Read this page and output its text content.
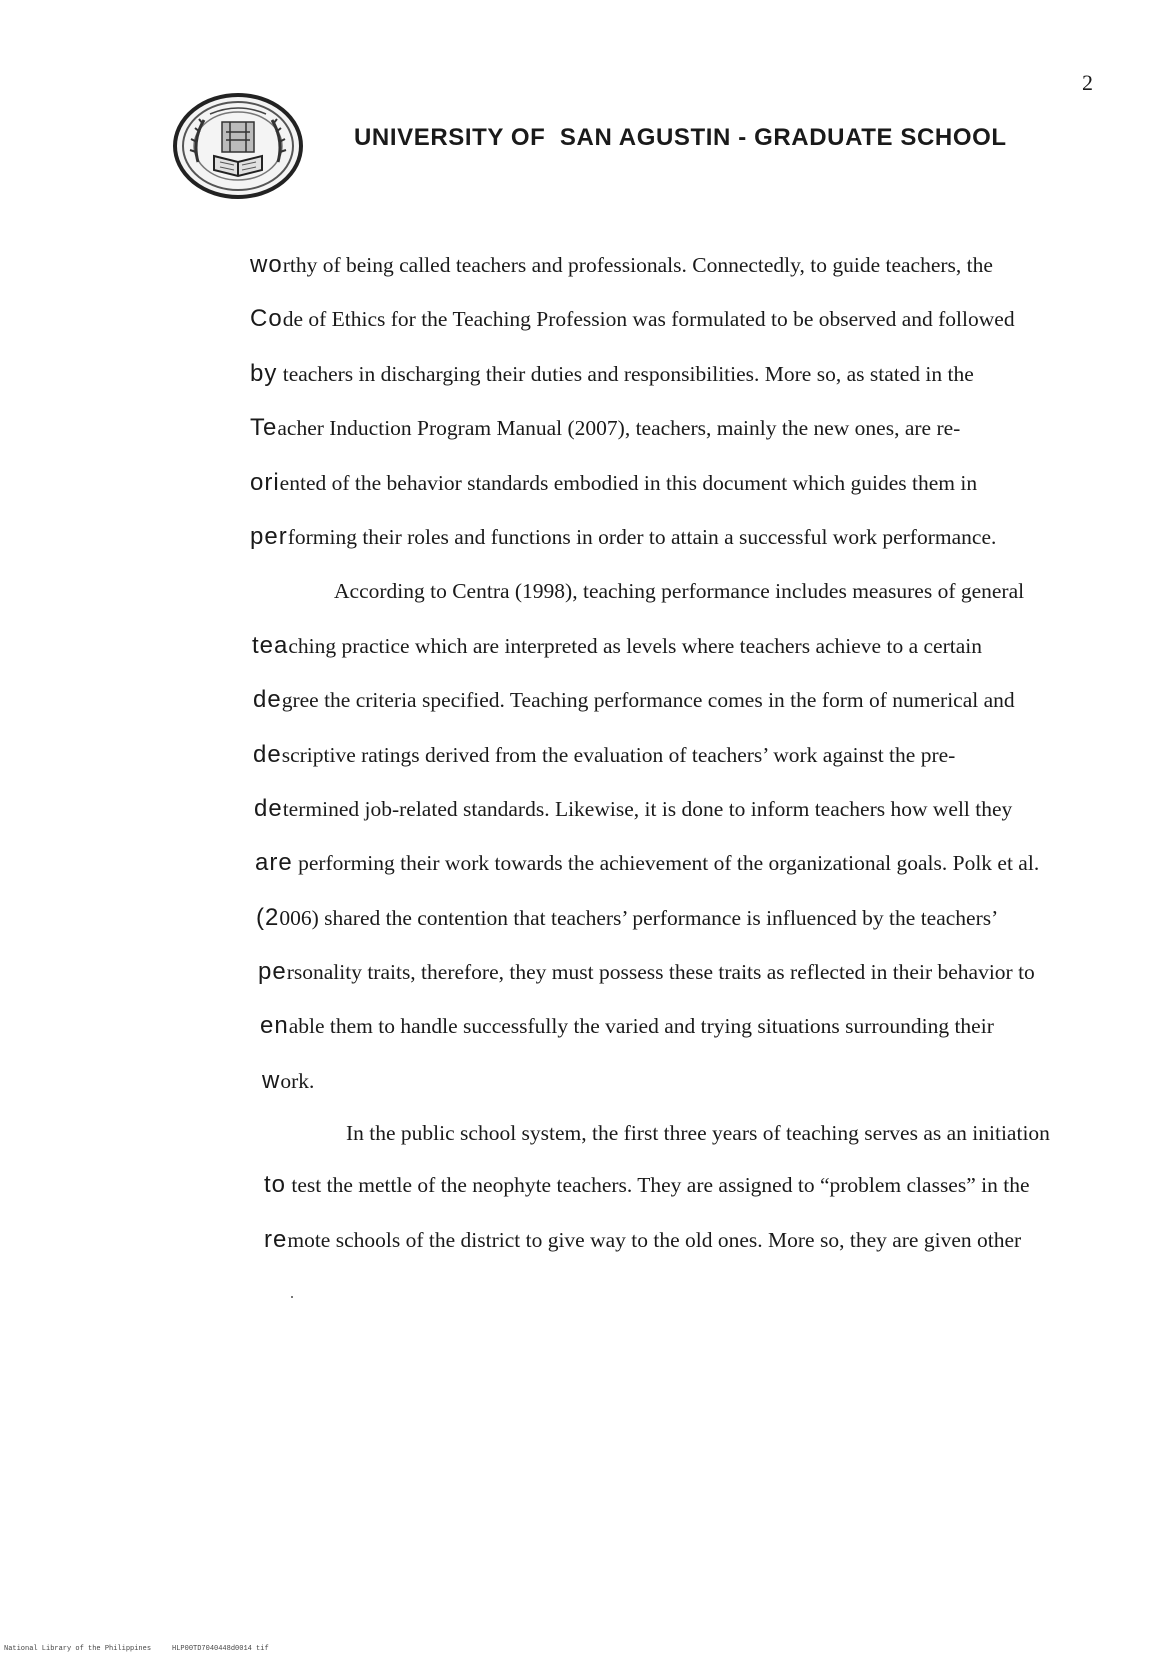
2
UNIVERSITY OF  SAN AGUSTIN - GRADUATE SCHOOL
worthy of being called teachers and professionals. Connectedly, to guide teachers, the
Code of Ethics for the Teaching Profession was formulated to be observed and followed
by teachers in discharging their duties and responsibilities. More so, as stated in the
Teacher Induction Program Manual (2007), teachers, mainly the new ones, are re-
oriented of the behavior standards embodied in this document which guides them in
performing their roles and functions in order to attain a successful work performance.
According to Centra (1998), teaching performance includes measures of general
teaching practice which are interpreted as levels where teachers achieve to a certain
degree the criteria specified. Teaching performance comes in the form of numerical and
descriptive ratings derived from the evaluation of teachers’ work against the pre-
determined job-related standards. Likewise, it is done to inform teachers how well they
are performing their work towards the achievement of the organizational goals. Polk et al.
(2006) shared the contention that teachers’ performance is influenced by the teachers’
personality traits, therefore, they must possess these traits as reflected in their behavior to
enable them to handle successfully the varied and trying situations surrounding their
work.
In the public school system, the first three years of teaching serves as an initiation
to test the mettle of the neophyte teachers. They are assigned to “problem classes” in the
remote schools of the district to give way to the old ones. More so, they are given other
National Library of the Philippines     HLP00TD7040448d0014 tif
